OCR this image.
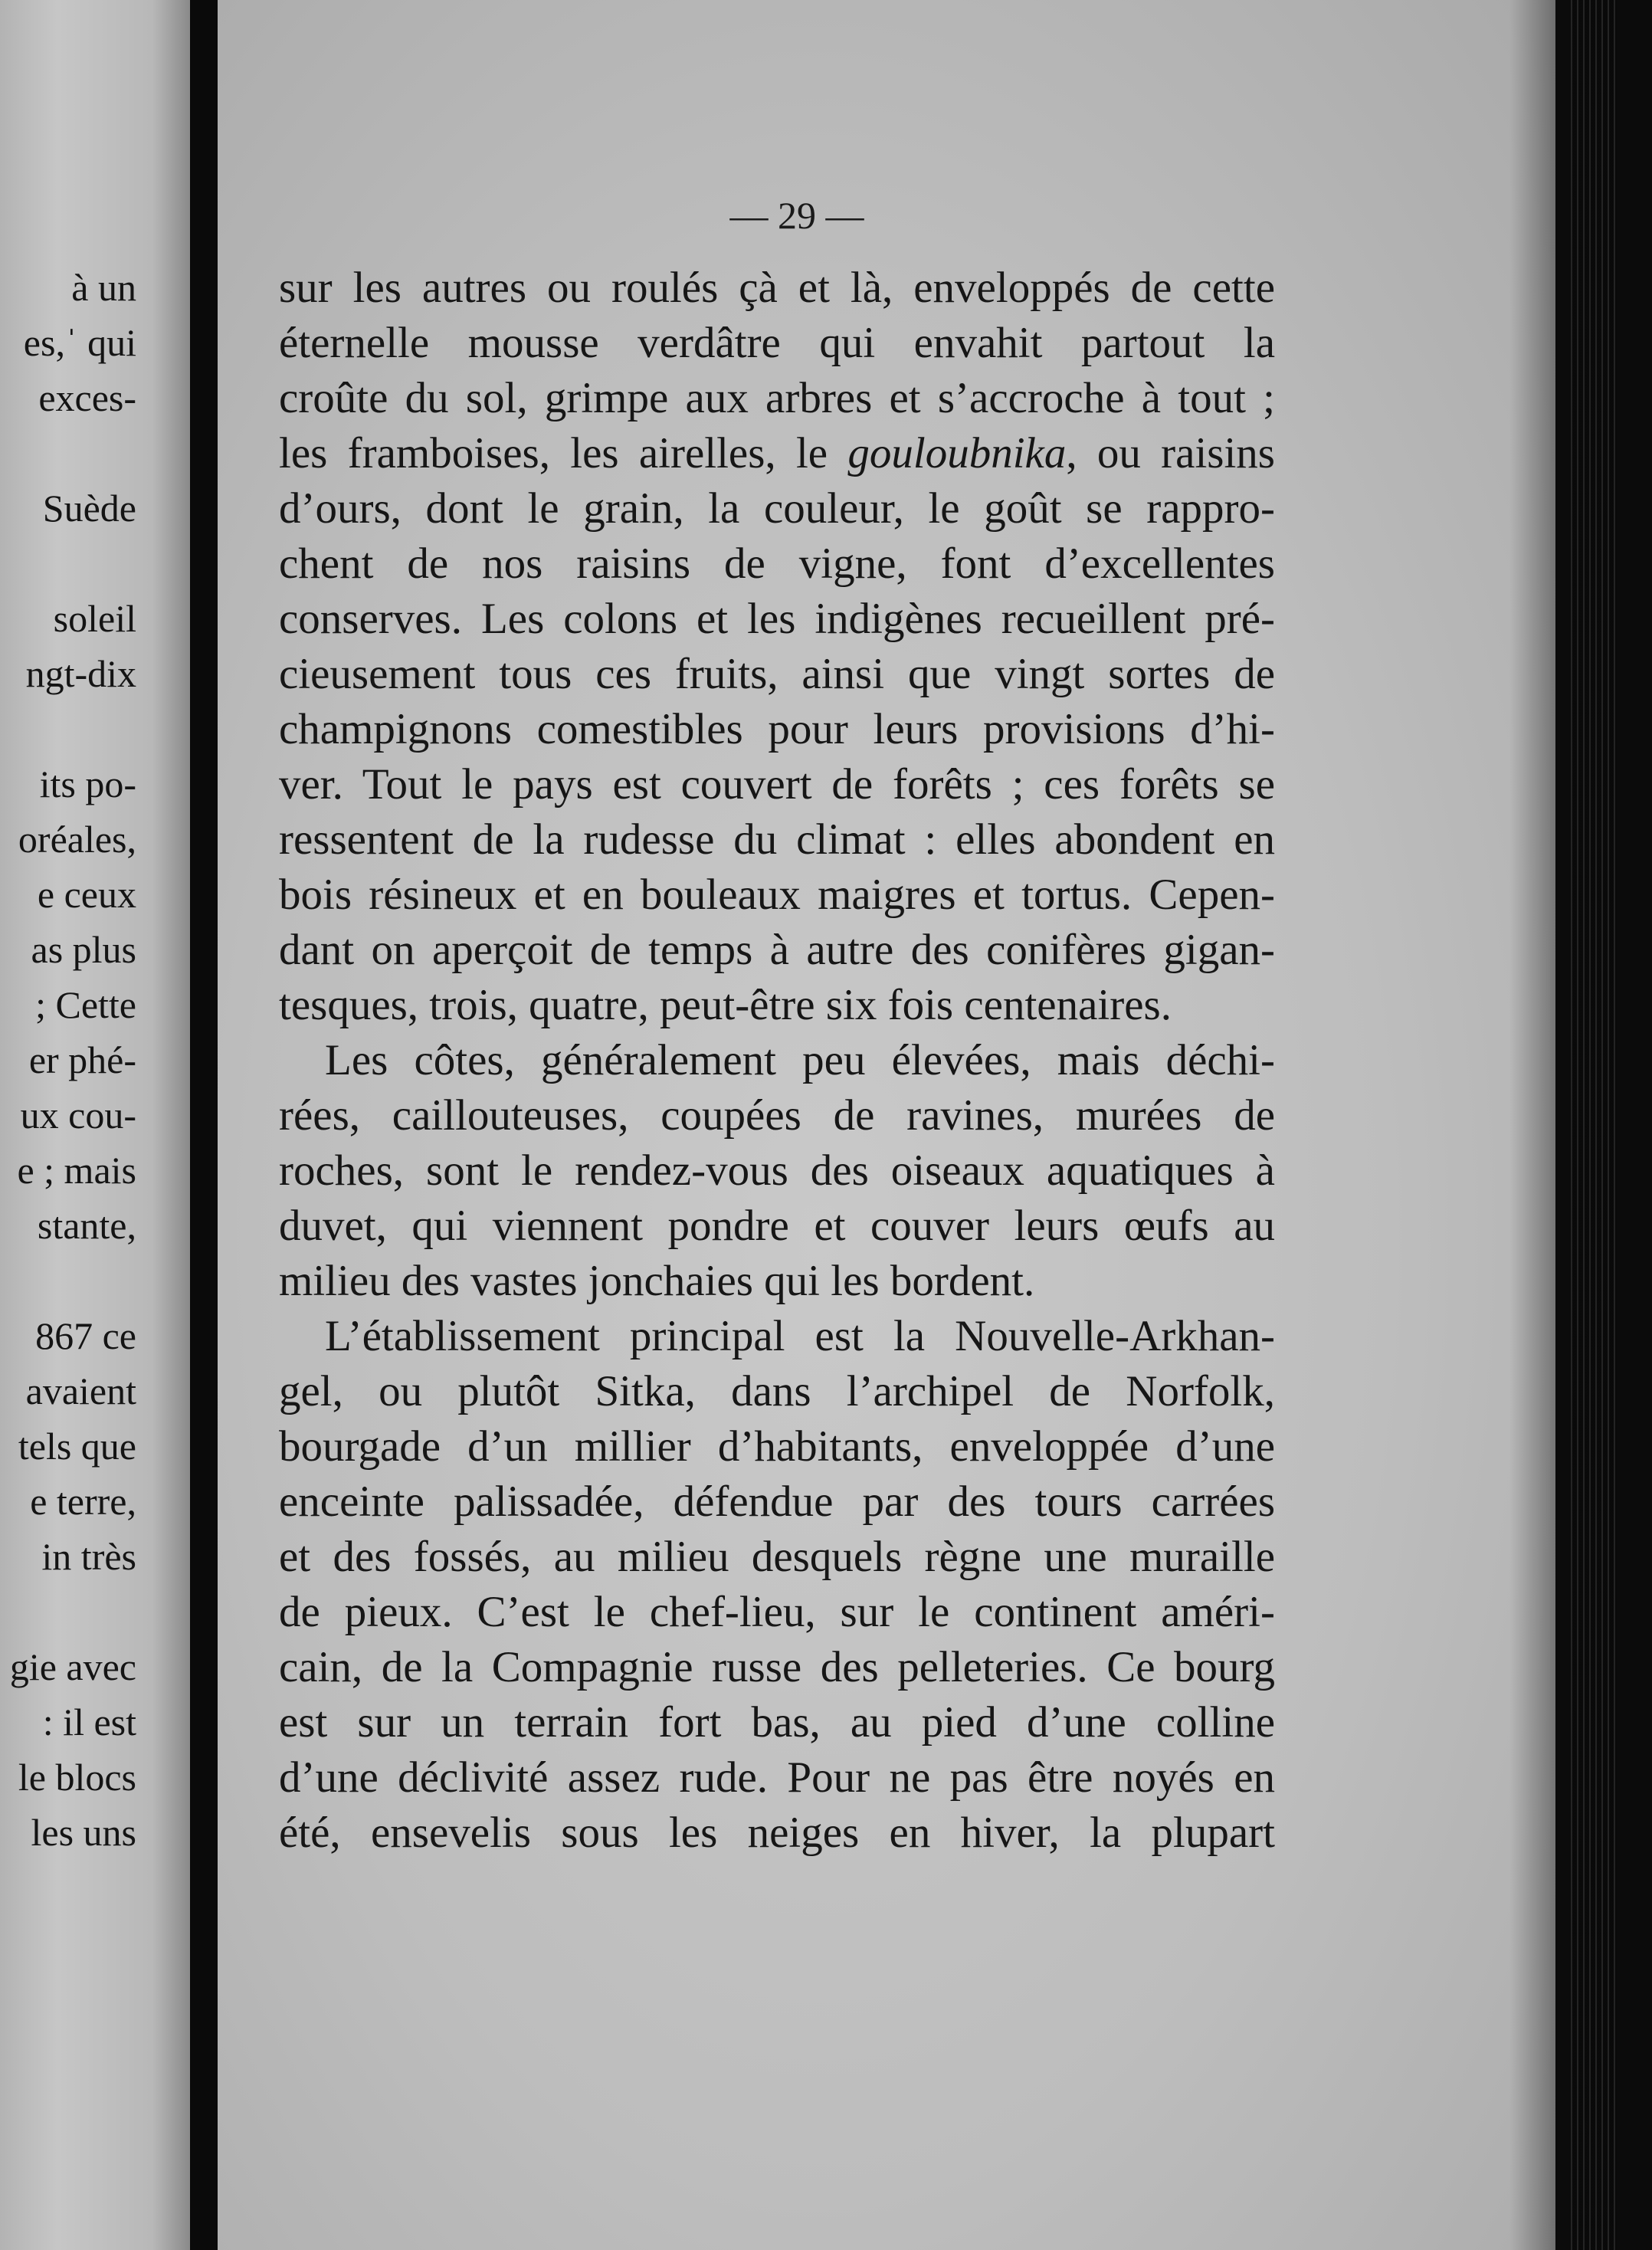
à un
es,ˈ qui
exces-
Suède
soleil
ngt-dix
its po-
oréales,
e ceux
as plus
; Cette
er phé-
ux cou-
e ; mais
stante,
867 ce
avaient
tels que
e terre,
in très
gie avec
: il est
le blocs
les uns
— 29 —
sur les autres ou roulés çà et là, enveloppés de cette
éternelle mousse verdâtre qui envahit partout la
croûte du sol, grimpe aux arbres et s’accroche à tout ;
les framboises, les airelles, le gouloubnika, ou raisins
d’ours, dont le grain, la couleur, le goût se rappro-
chent de nos raisins de vigne, font d’excellentes
conserves. Les colons et les indigènes recueillent pré-
cieusement tous ces fruits, ainsi que vingt sortes de
champignons comestibles pour leurs provisions d’hi-
ver. Tout le pays est couvert de forêts ; ces forêts se
ressentent de la rudesse du climat : elles abondent en
bois résineux et en bouleaux maigres et tortus. Cepen-
dant on aperçoit de temps à autre des conifères gigan-
tesques, trois, quatre, peut-être six fois centenaires.
Les côtes, généralement peu élevées, mais déchi-
rées, caillouteuses, coupées de ravines, murées de
roches, sont le rendez-vous des oiseaux aquatiques à
duvet, qui viennent pondre et couver leurs œufs au
milieu des vastes jonchaies qui les bordent.
L’établissement principal est la Nouvelle-Arkhan-
gel, ou plutôt Sitka, dans l’archipel de Norfolk,
bourgade d’un millier d’habitants, enveloppée d’une
enceinte palissadée, défendue par des tours carrées
et des fossés, au milieu desquels règne une muraille
de pieux. C’est le chef-lieu, sur le continent améri-
cain, de la Compagnie russe des pelleteries. Ce bourg
est sur un terrain fort bas, au pied d’une colline
d’une déclivité assez rude. Pour ne pas être noyés en
été, ensevelis sous les neiges en hiver, la plupart
